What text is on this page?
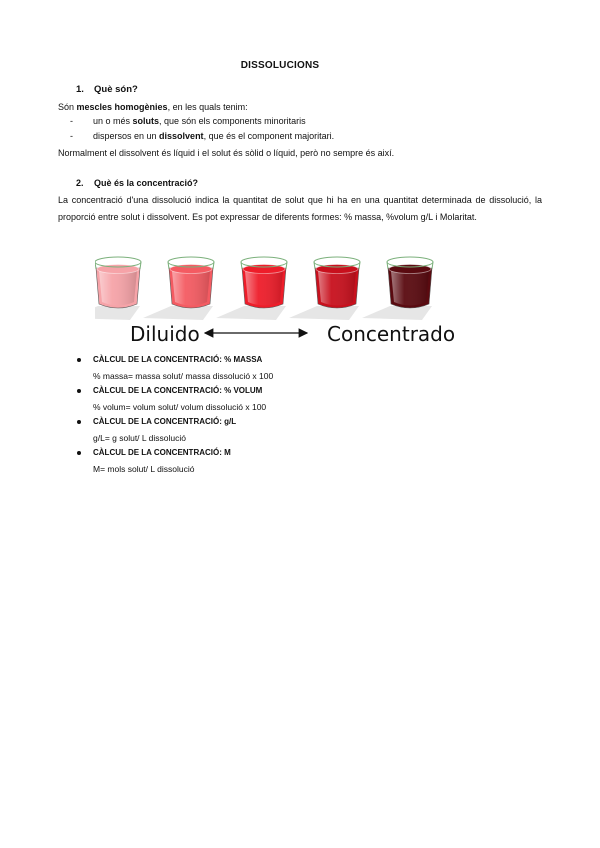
DISSOLUCIONS
1. Què són?
Són mescles homogènies, en les quals tenim:
- un o més soluts, que són els components minoritaris
- dispersos en un dissolvent, que és el component majoritari.
Normalment el dissolvent és líquid i el solut és sòlid o líquid, però no sempre és així.
2. Què és la concentració?
La concentració d'una dissolució indica la quantitat de solut que hi ha en una quantitat determinada de dissolució, la proporció entre solut i dissolvent. Es pot expressar de diferents formes: % massa, %volum g/L i Molaritat.
Diluido	Concentrado
CÀLCUL DE LA CONCENTRACIÓ: % MASSA
% massa= massa solut/ massa dissolució x 100
CÀLCUL DE LA CONCENTRACIÓ: % VOLUM
% volum= volum solut/ volum dissolució x 100
CÀLCUL DE LA CONCENTRACIÓ: g/L
g/L= g solut/ L dissolució
CÀLCUL DE LA CONCENTRACIÓ: M
M= mols solut/ L dissolució
